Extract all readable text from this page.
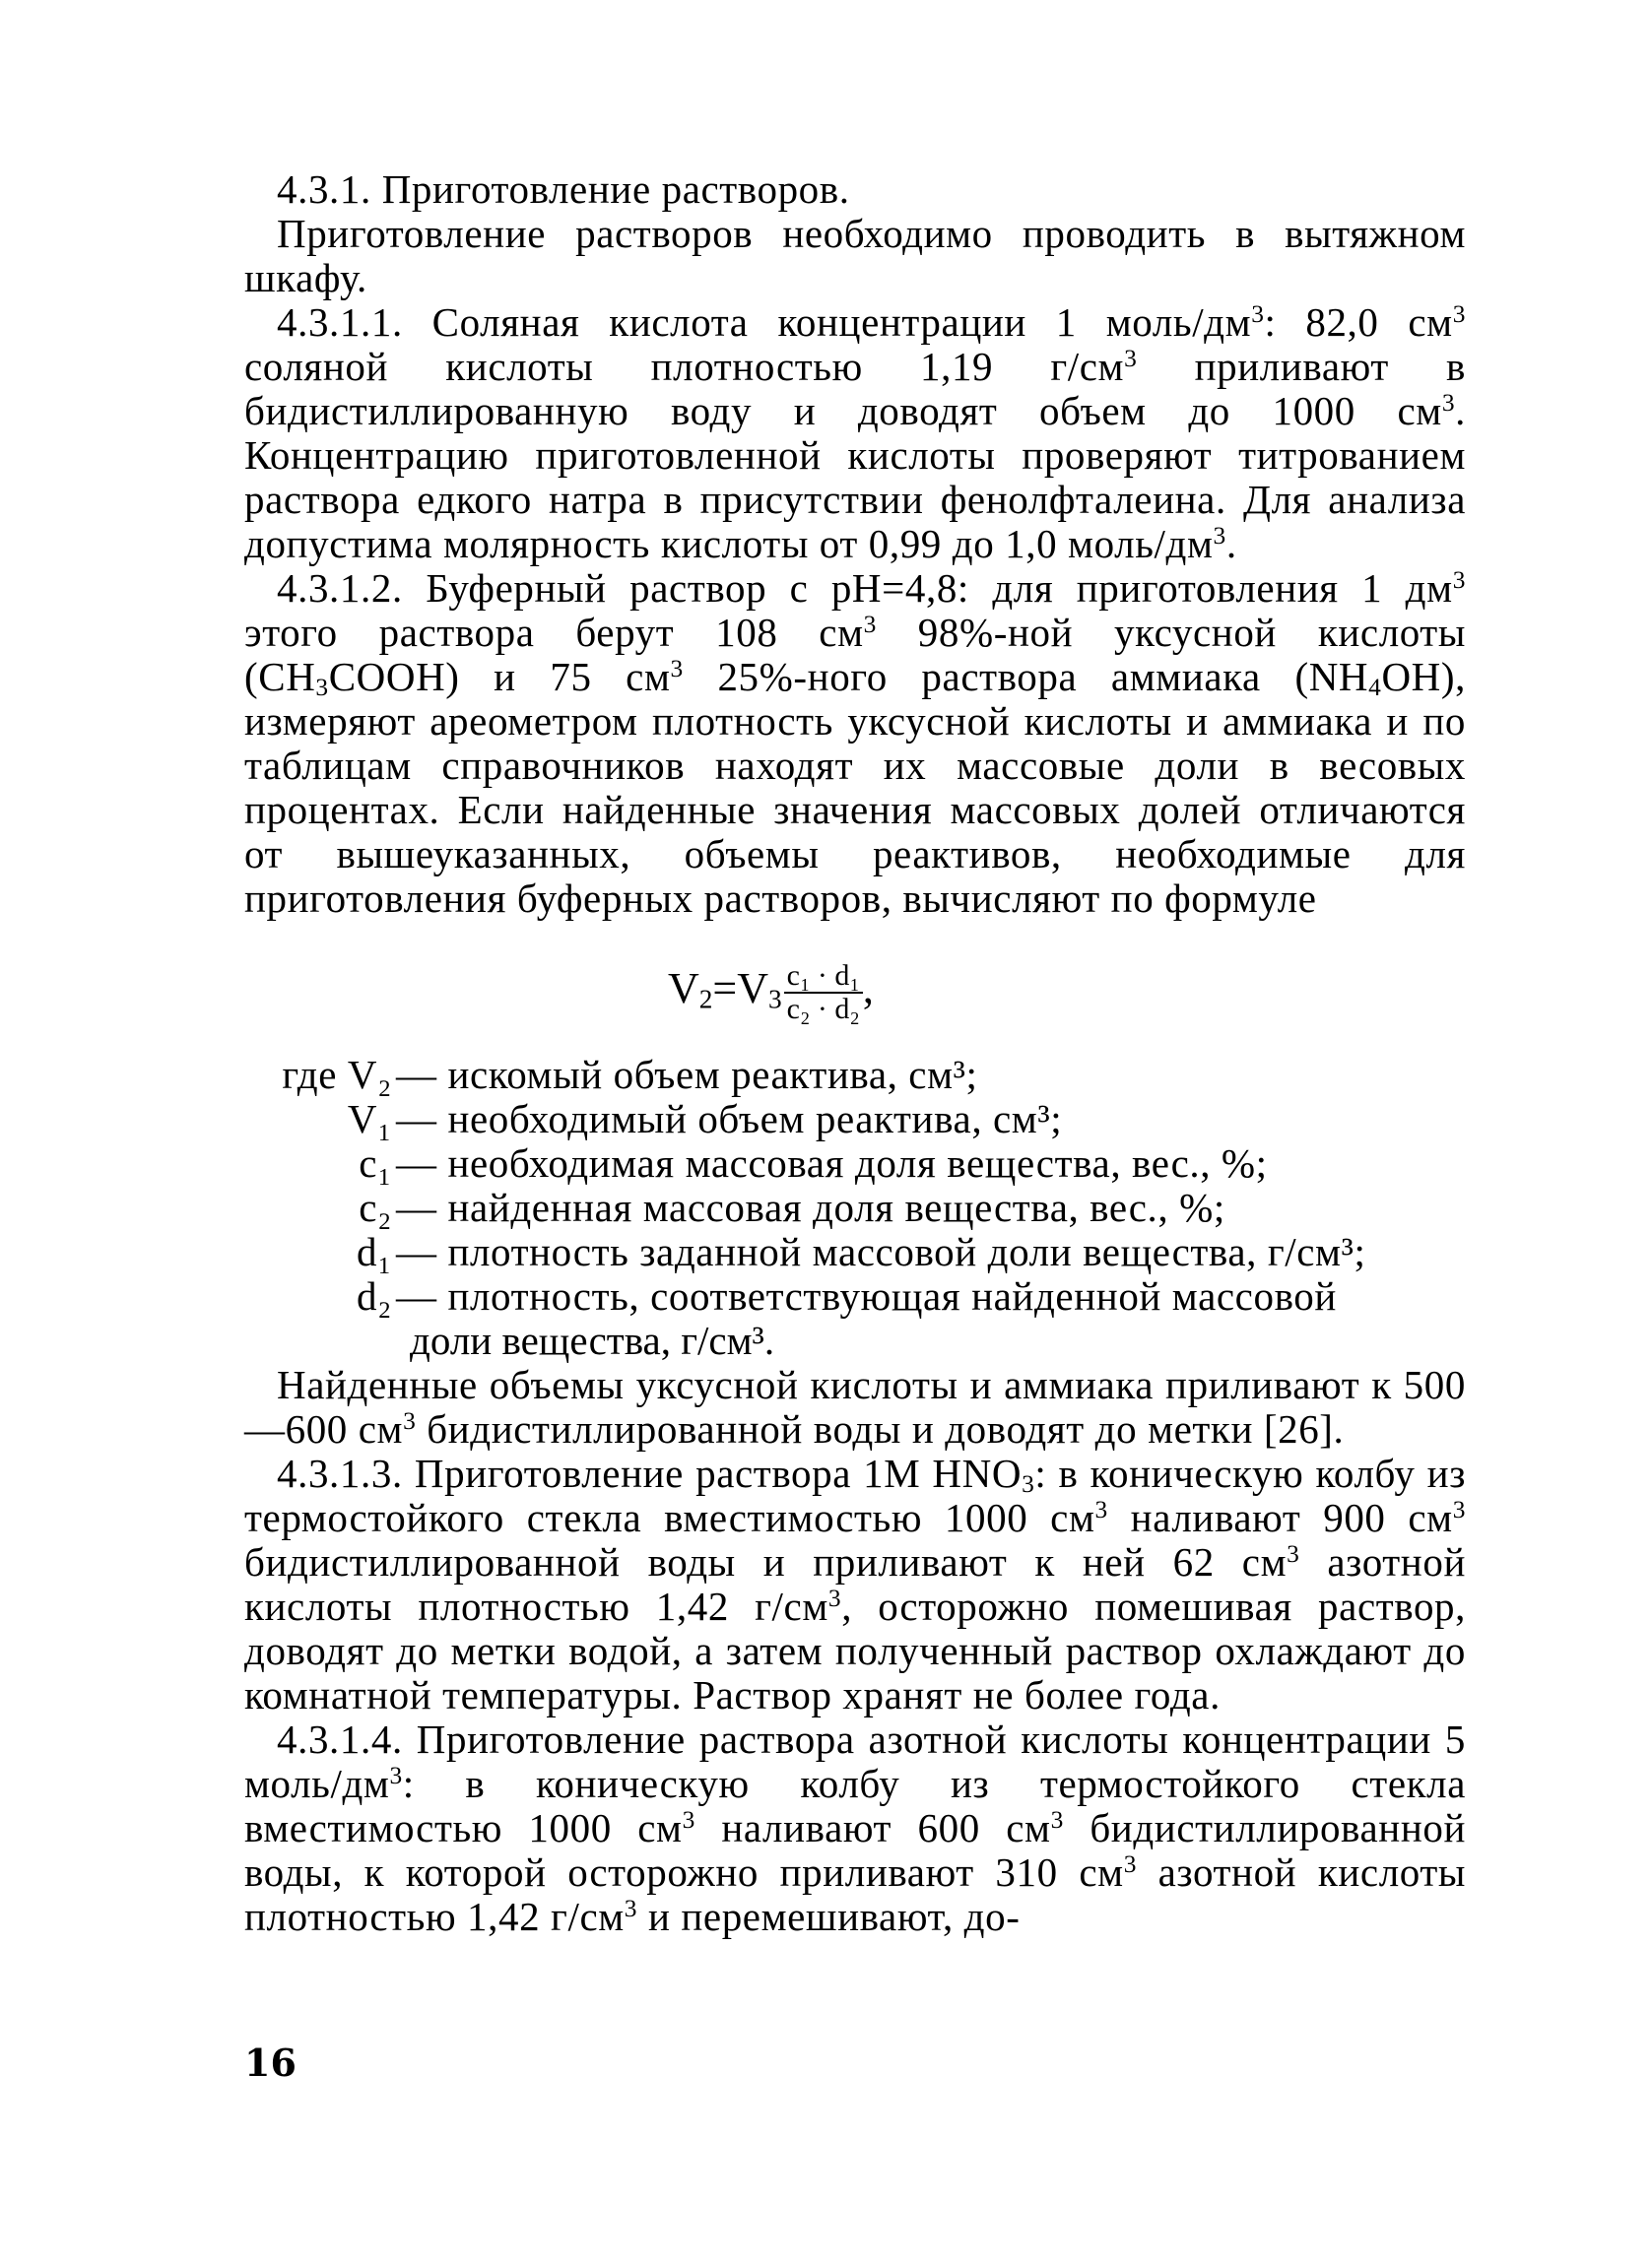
4.3.1. Приготовление растворов.

Приготовление растворов необходимо проводить в вытяжном шкафу.

4.3.1.1. Соляная кислота концентрации 1 моль/$дм^3$: 82,0 $см^3$ соляной кислоты плотностью 1,19 $г/см^3$ приливают в бидистиллированную воду и доводят объем до 1000 $см^3$. Концентрацию приготовленной кислоты проверяют титрованием раствора едкого натра в присутствии фенолфталеина. Для анализа допустима молярность кислоты от 0,99 до 1,0 моль/$дм^3$.

4.3.1.2. Буферный раствор с pH=4,8: для приготовления 1 $дм^3$ этого раствора берут 108 $см^3$ 98%-ной уксусной кислоты $(CH_3COOH)$ и 75 $см^3$ 25%-ного раствора аммиака $(NH_4OH)$, измеряют ареометром плотность уксусной кислоты и аммиака и по таблицам справочников находят их массовые доли в весовых процентах. Если найденные значения массовых долей отличаются от вышеуказанных, объемы реактивов, необходимые для приготовления буферных растворов, вычисляют по формуле

$V_2=V_3 \frac{\text{c₁ · d₁}}{\text{c₂ · d₂}}$ ,
где V₂ — искомый объем реактива, см³;
V₁ — необходимый объем реактива, см³;
c₁ — необходимая массовая доля вещества, вес., %;
c₂ — найденная массовая доля вещества, вес., %;
d₁ — плотность заданной массовой доли вещества, г/см³;
d₂ — плотность, соответствующая найденной массовой
доли вещества, г/см³.

Найденные объемы уксусной кислоты и аммиака приливают к 500—600 $см^3$ бидистиллированной воды и доводят до метки [26].

4.3.1.3. Приготовление раствора 1М $HNO_3$: в коническую колбу из термостойкого стекла вместимостью 1000 $см^3$ наливают 900 $см^3$ бидистиллированной воды и приливают к ней 62 $см^3$ азотной кислоты плотностью 1,42 $г/см^3$, осторожно помешивая раствор, доводят до метки водой, а затем полученный раствор охлаждают до комнатной температуры. Раствор хранят не более года.

4.3.1.4. Приготовление раствора азотной кислоты концентрации 5 моль/$дм^3$: в коническую колбу из термостойкого стекла вместимостью 1000 $см^3$ наливают 600 $см^3$ бидистиллированной воды, к которой осторожно приливают 310 $см^3$ азотной кислоты плотностью 1,42 $г/см^3$ и перемешивают, до-

16
